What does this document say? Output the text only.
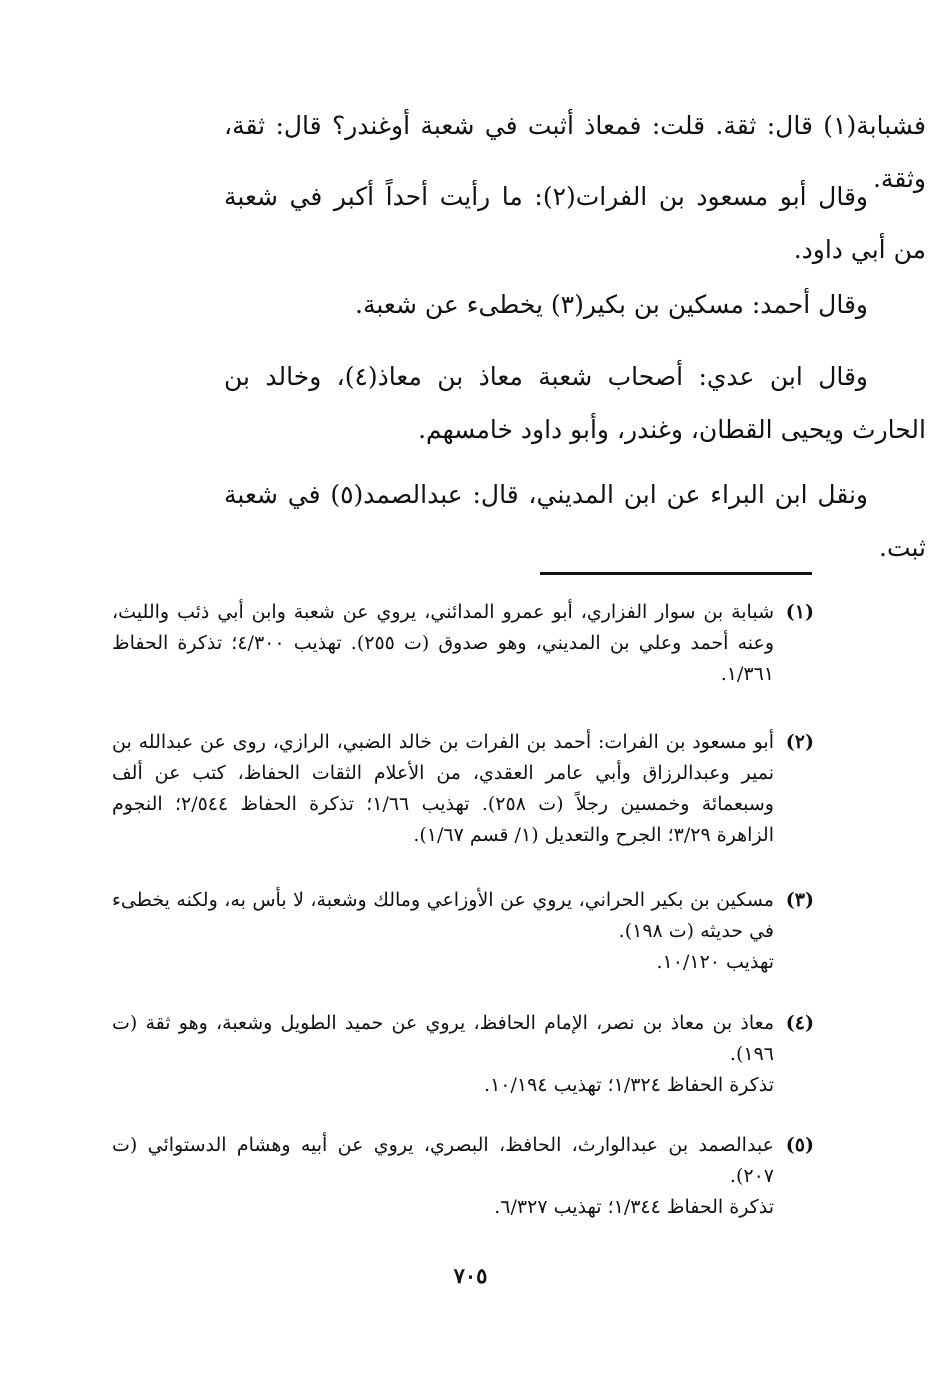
فشبابة(١) قال: ثقة. قلت: فمعاذ أثبت في شعبة أوغندر؟ قال: ثقة، وثقة.

وقال أبو مسعود بن الفرات(٢): ما رأيت أحداً أكبر في شعبة من أبي داود.

وقال أحمد: مسكين بن بكير(٣) يخطىء عن شعبة.

وقال ابن عدي: أصحاب شعبة معاذ بن معاذ(٤)، وخالد بن الحارث ويحيى القطان، وغندر، وأبو داود خامسهم.

ونقل ابن البراء عن ابن المديني، قال: عبدالصمد(٥) في شعبة ثبت.

(١)
شبابة بن سوار الفزاري، أبو عمرو المدائني، يروي عن شعبة وابن أبي ذئب والليث، وعنه أحمد وعلي بن المديني، وهو صدوق (ت ٢٥٥). تهذيب ٤/٣٠٠؛ تذكرة الحفاظ ١/٣٦١.
(٢)
أبو مسعود بن الفرات: أحمد بن الفرات بن خالد الضبي، الرازي، روى عن عبدالله بن نمير وعبدالرزاق وأبي عامر العقدي، من الأعلام الثقات الحفاظ، كتب عن ألف وسبعمائة وخمسين رجلاً (ت ٢٥٨). تهذيب ١/٦٦؛ تذكرة الحفاظ ٢/٥٤٤؛ النجوم الزاهرة ٣/٢٩؛ الجرح والتعديل (١/ قسم ١/٦٧).
(٣)
مسكين بن بكير الحراني، يروي عن الأوزاعي ومالك وشعبة، لا بأس به، ولكنه يخطىء في حديثه (ت ١٩٨).
تهذيب ١٠/١٢٠.
(٤)
معاذ بن معاذ بن نصر، الإمام الحافظ، يروي عن حميد الطويل وشعبة، وهو ثقة (ت ١٩٦).
تذكرة الحفاظ ١/٣٢٤؛ تهذيب ١٠/١٩٤.
(٥)
عبدالصمد بن عبدالوارث، الحافظ، البصري، يروي عن أبيه وهشام الدستوائي (ت ٢٠٧).
تذكرة الحفاظ ١/٣٤٤؛ تهذيب ٦/٣٢٧.
٧٠٥
